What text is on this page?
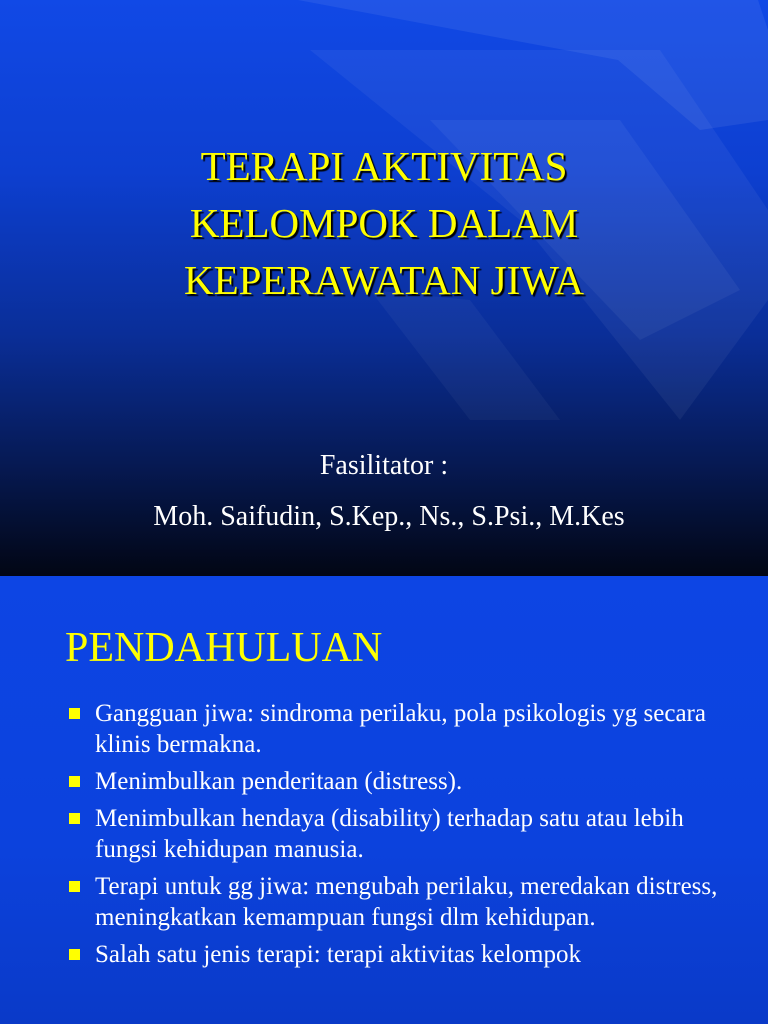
TERAPI AKTIVITAS
KELOMPOK DALAM
KEPERAWATAN JIWA
Fasilitator :
Moh. Saifudin, S.Kep., Ns., S.Psi., M.Kes
PENDAHULUAN
Gangguan jiwa: sindroma perilaku, pola psikologis yg secara klinis bermakna.
Menimbulkan penderitaan (distress).
Menimbulkan hendaya (disability) terhadap satu atau lebih fungsi kehidupan manusia.
Terapi untuk gg jiwa: mengubah perilaku, meredakan distress, meningkatkan kemampuan fungsi dlm kehidupan.
Salah satu jenis terapi: terapi aktivitas kelompok
